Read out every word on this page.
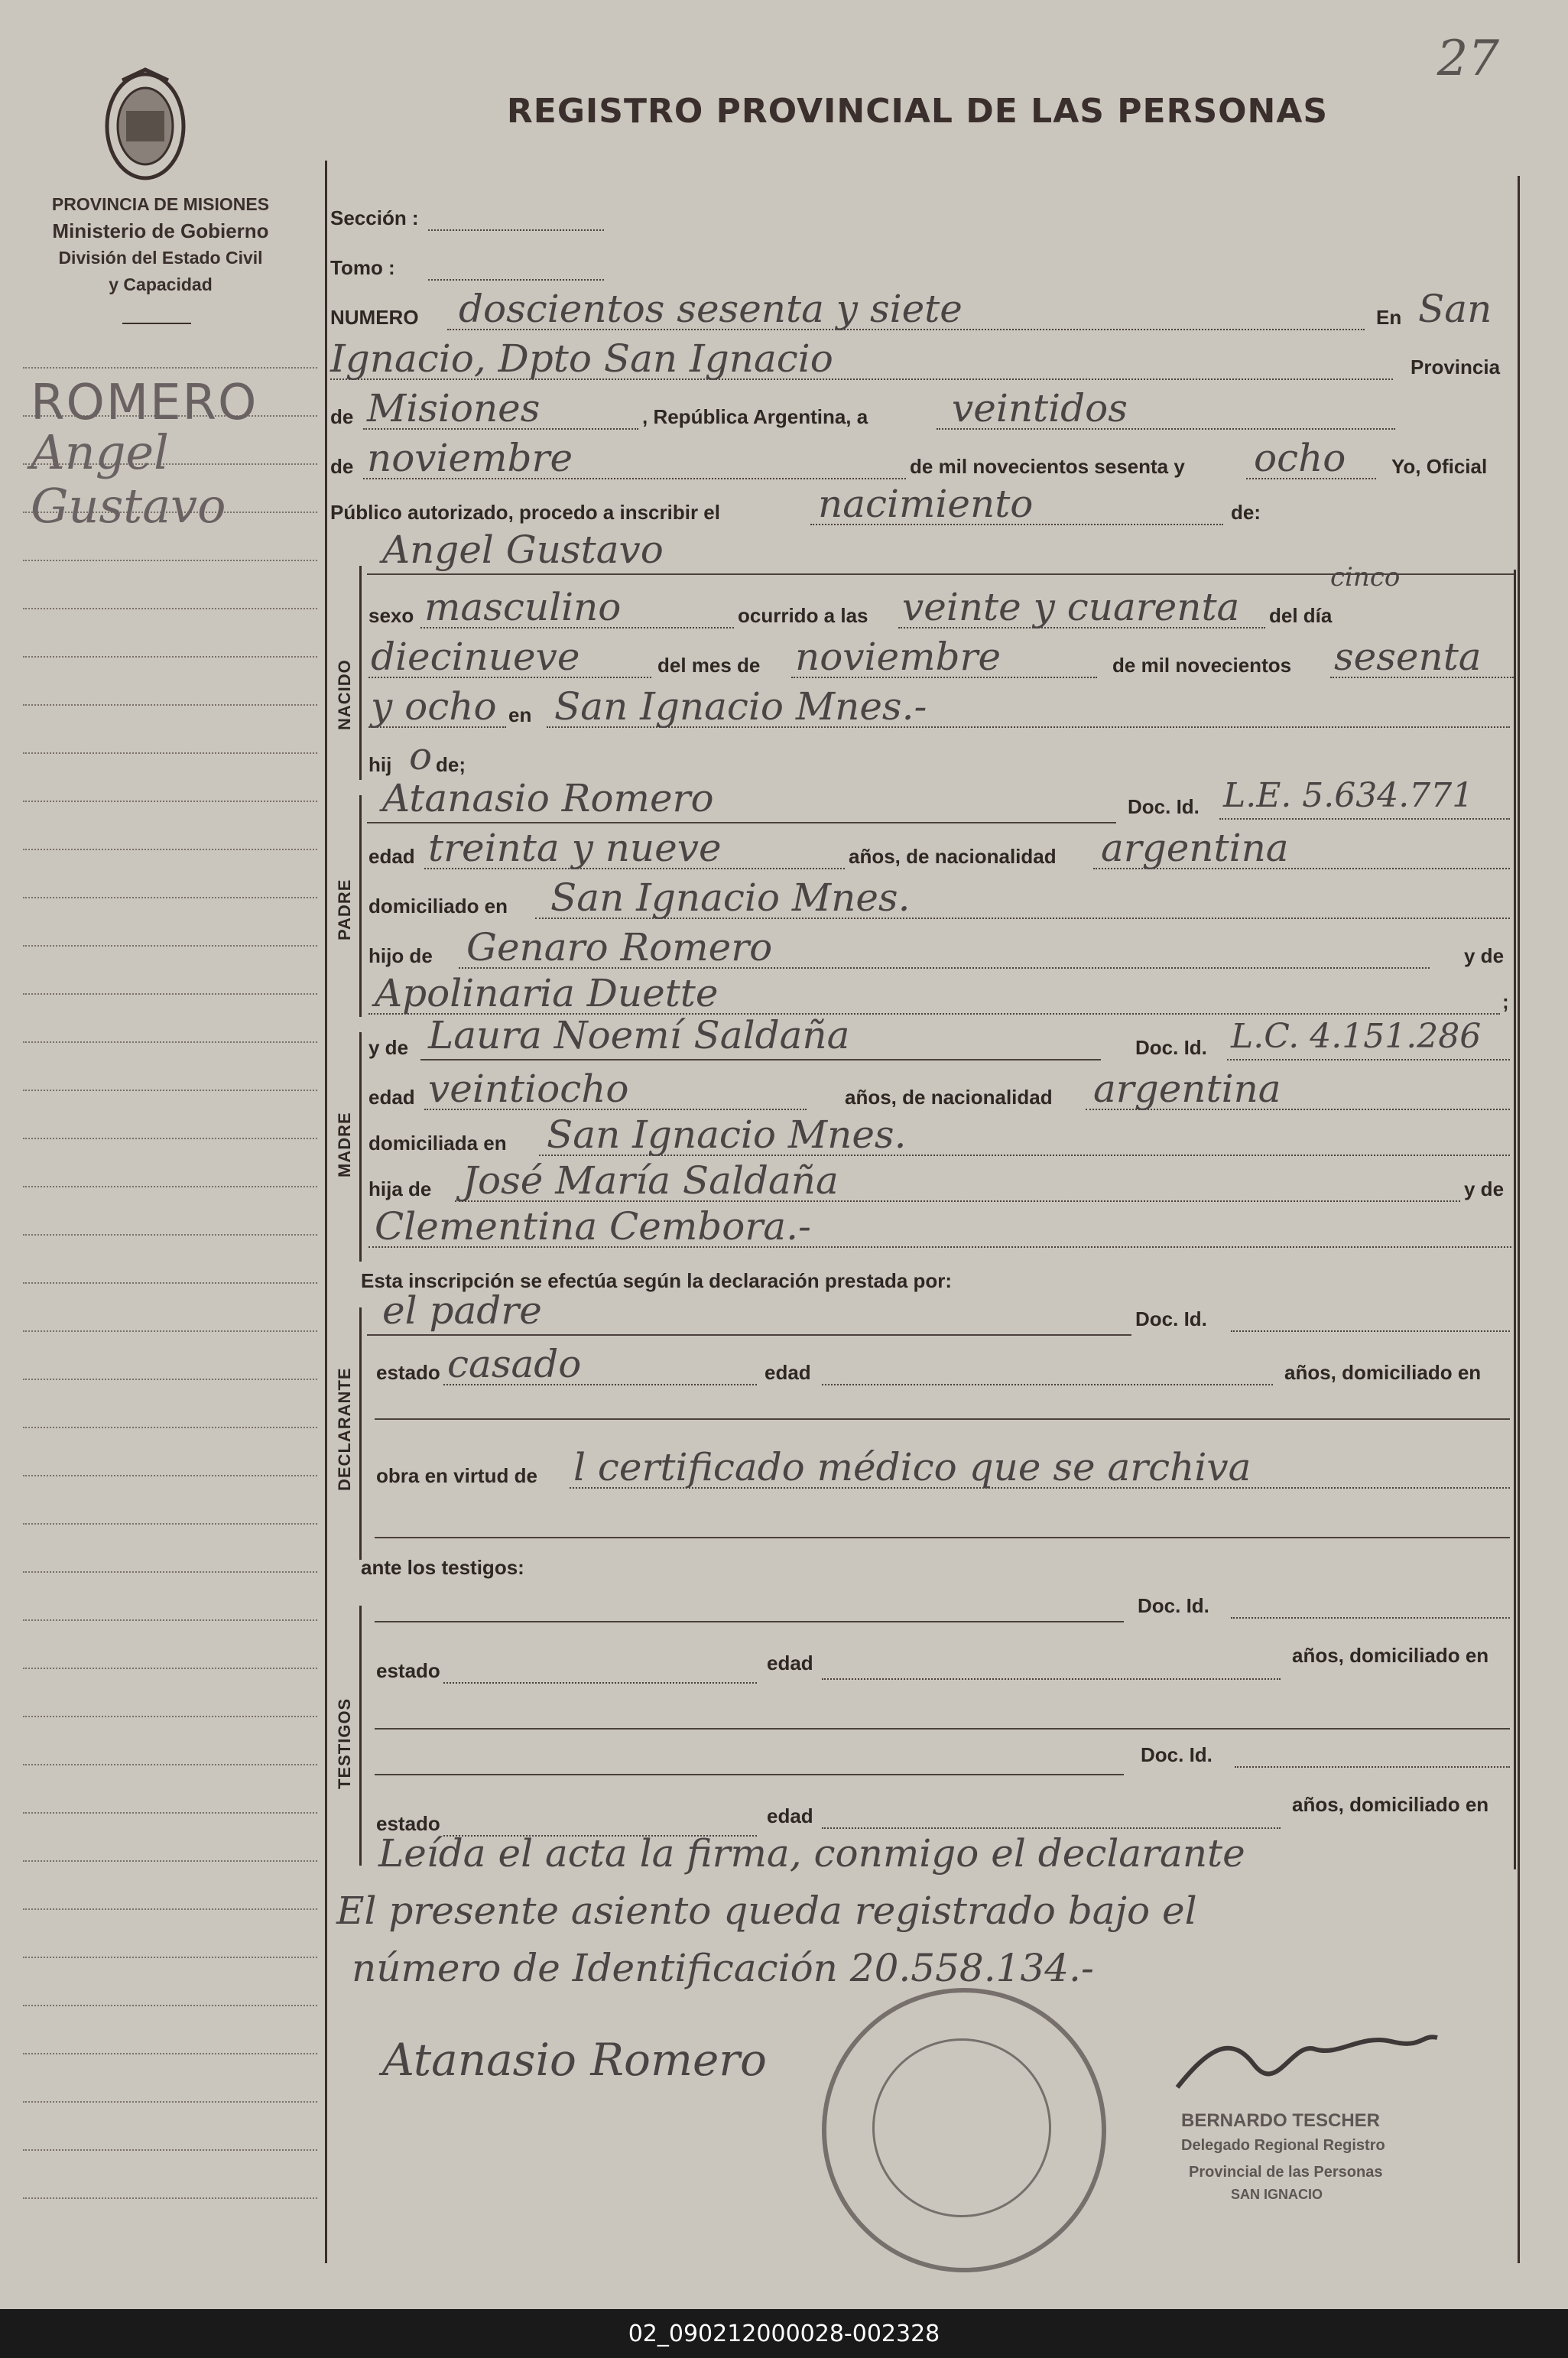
27
REGISTRO PROVINCIAL DE LAS PERSONAS
PROVINCIA DE MISIONES
Ministerio de Gobierno
División del Estado Civil
y Capacidad
ROMERO
Angel
Gustavo
Sección :
Tomo :
NUMERO doscientos sesenta y siete	En San
Ignacio, Dpto San Ignacio	Provincia
de Misiones	, República Argentina, a veintidos
de noviembre	de mil novecientos sesenta y ocho Yo, Oficial
Público autorizado, procedo a inscribir el	nacimiento	de:
Angel Gustavo
NACIDO
sexo masculino	ocurrido a las veinte y cuarenta
cinco
del día
diecinueve	del mes de noviembre	de mil novecientos sesenta
y ocho en San Ignacio Mnes.-
hij o de;
Atanasio Romero	Doc. Id. L.E. 5.634.771
PADRE
edad treinta y nueve	años, de nacionalidad argentina
domiciliado en San Ignacio Mnes.
hijo de Genaro Romero	y de
Apolinaria Duette	;
y de Laura Noemí Saldaña	Doc. Id. L.C. 4.151.286
MADRE
edad veintiocho	años, de nacionalidad argentina
domiciliada en San Ignacio Mnes.
hija de José María Saldaña	y de
Clementina Cembora.-
Esta inscripción se efectúa según la declaración prestada por:
el padre	Doc. Id.
DECLARANTE estado casado	edad	años, domiciliado en
obra en virtud de l certificado médico que se archiva
ante los testigos:
Doc. Id.
TESTIGOS
estado	edad	años, domiciliado en
Doc. Id.
estado	edad	años, domiciliado en
Leída el acta la firma, conmigo el declarante
El presente asiento queda registrado bajo el
número de Identificación 20.558.134.-
Atanasio Romero
BERNARDO TESCHER
Delegado Regional Registro
Provincial de las Personas
SAN IGNACIO
02_090212000028-002328
